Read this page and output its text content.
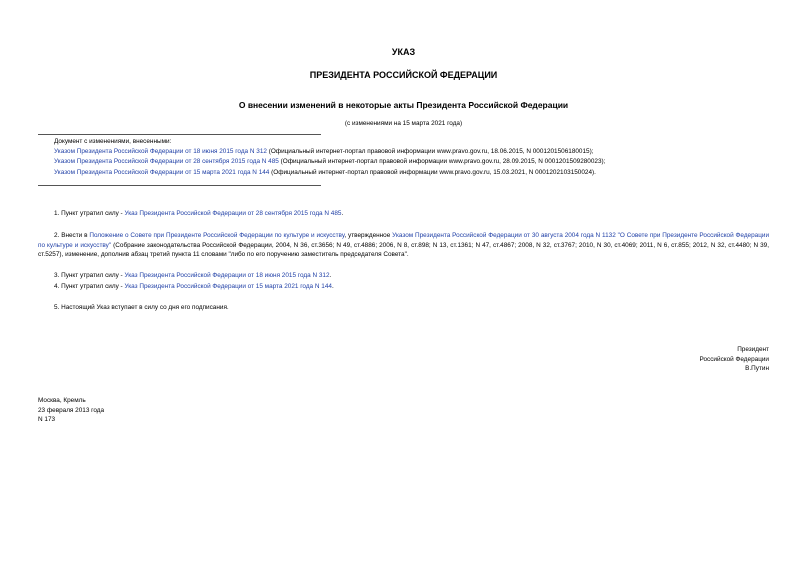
УКАЗ
ПРЕЗИДЕНТА РОССИЙСКОЙ ФЕДЕРАЦИИ
О внесении изменений в некоторые акты Президента Российской Федерации
(с изменениями на 15 марта 2021 года)
Документ с изменениями, внесенными:
Указом Президента Российской Федерации от 18 июня 2015 года N 312 (Официальный интернет-портал правовой информации www.pravo.gov.ru, 18.06.2015, N 0001201506180015);
Указом Президента Российской Федерации от 28 сентября 2015 года N 485 (Официальный интернет-портал правовой информации www.pravo.gov.ru, 28.09.2015, N 0001201509280023);
Указом Президента Российской Федерации от 15 марта 2021 года N 144 (Официальный интернет-портал правовой информации www.pravo.gov.ru, 15.03.2021, N 0001202103150024).
1. Пункт утратил силу - Указ Президента Российской Федерации от 28 сентября 2015 года N 485.
2. Внести в Положение о Совете при Президенте Российской Федерации по культуре и искусству, утвержденное Указом Президента Российской Федерации от 30 августа 2004 года N 1132 "О Совете при Президенте Российской Федерации по культуре и искусству" (Собрание законодательства Российской Федерации, 2004, N 36, ст.3656; N 49, ст.4886; 2006, N 8, ст.898; N 13, ст.1361; N 47, ст.4867; 2008, N 32, ст.3767; 2010, N 30, ст.4069; 2011, N 6, ст.855; 2012, N 32, ст.4480; N 39, ст.5257), изменение, дополнив абзац третий пункта 11 словами "либо по его поручению заместитель председателя Совета".
3. Пункт утратил силу - Указ Президента Российской Федерации от 18 июня 2015 года N 312.
4. Пункт утратил силу - Указ Президента Российской Федерации от 15 марта 2021 года N 144.
5. Настоящий Указ вступает в силу со дня его подписания.
Президент
Российской Федерации
В.Путин
Москва, Кремль
23 февраля 2013 года
N 173
